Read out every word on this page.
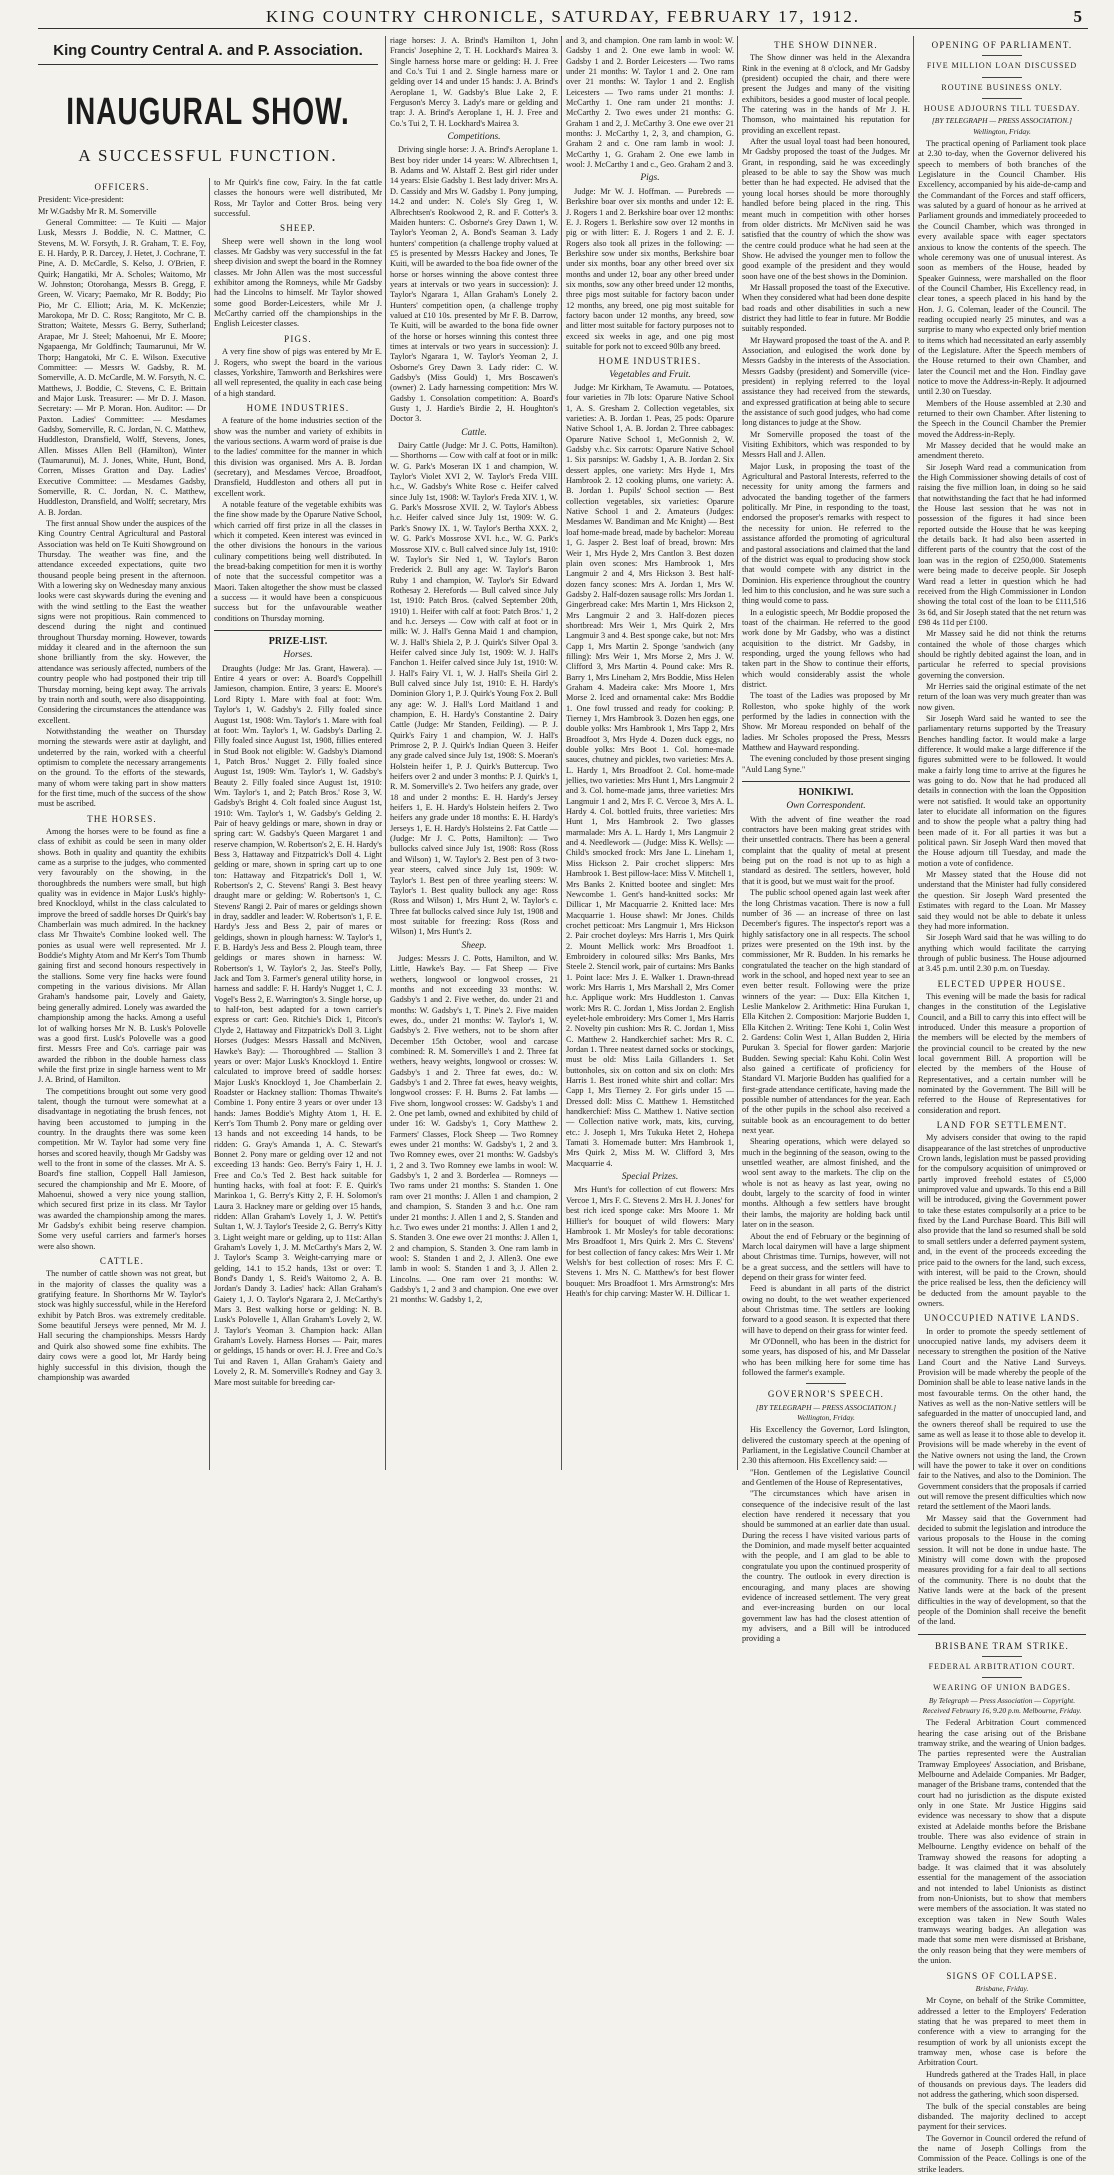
KING COUNTRY CHRONICLE, SATURDAY, FEBRUARY 17, 1912.	5
King Country Central A. and P. Association.
INAUGURAL SHOW.
A SUCCESSFUL FUNCTION.
OFFICERS.

President: Vice-president:

Mr W.Gadsby Mr R. M. Somerville

General Committee: — Te Kuiti — Major Lusk, Messrs J. Boddie, N. C. Mattner, C. Stevens, M. W. Forsyth, J. R. Graham, T. E. Foy, E. H. Hardy, P. R. Darcey, J. Hetet, J. Cochrane, T. Pine, A. D. McCardle, S. Kelso, J. O'Brien, F. Quirk; Hangatiki, Mr A. Scholes; Waitomo, Mr W. Johnston; Otorohanga, Messrs B. Gregg, F. Green, W. Vicary; Paemako, Mr R. Boddy; Pio Pio, Mr C. Elliott; Aria, M. K. McKenzie; Marokopa, Mr D. C. Ross; Rangitoto, Mr C. B. Stratton; Waitete, Messrs G. Berry, Sutherland; Arapae, Mr J. Steel; Mahoenui, Mr E. Moore; Ngapaenga, Mr Goldfinch; Taumarunui, Mr W. Thorp; Hangatoki, Mr C. E. Wilson. Executive Committee: — Messrs W. Gadsby, R. M. Somerville, A. D. McCardle, M. W. Forsyth, N. C. Matthews, J. Boddie, C. Stevens, C. E. Brittain and Major Lusk. Treasurer: — Mr D. J. Mason. Secretary: — Mr P. Moran. Hon. Auditor: — Dr Paxton. Ladies' Committee: — Mesdames Gadsby, Somerville, R. C. Jordan, N. C. Matthew, Huddleston, Dransfield, Wolff, Stevens, Jones, Allen. Misses Allen Bell (Hamilton), Winter (Taumarunui), M. J. Jones, White, Hunt, Bond, Corren, Misses Gratton and Day. Ladies' Executive Committee: — Mesdames Gadsby, Somerville, R. C. Jordan, N. C. Matthew, Huddleston, Dransfield, and Wolff; secretary, Mrs A. B. Jordan.

The first annual Show under the auspices of the King Country Central Agricultural and Pastoral Association was held on Te Kuiti Showground on Thursday. The weather was fine, and the attendance exceeded expectations, quite two thousand people being present in the afternoon. With a lowering sky on Wednesday many anxious looks were cast skywards during the evening and with the wind settling to the East the weather signs were not propitious. Rain commenced to descend during the night and continued throughout Thursday morning. However, towards midday it cleared and in the afternoon the sun shone brilliantly from the sky. However, the attendance was seriously affected, numbers of the country people who had postponed their trip till Thursday morning, being kept away. The arrivals by train north and south, were also disappointing. Considering the circumstances the attendance was excellent.

Notwithstanding the weather on Thursday morning the stewards were astir at daylight, and undeterred by the rain, worked with a cheerful optimism to complete the necessary arrangements on the ground. To the efforts of the stewards, many of whom were taking part in show matters for the first time, much of the success of the show must be ascribed.

THE HORSES.

Among the horses were to be found as fine a class of exhibit as could be seen in many older shows. Both in quality and quantity the exhibits came as a surprise to the judges, who commented very favourably on the showing, in the thoroughbreds the numbers were small, but high quality was in evidence in Major Lusk's highly-bred Knockloyd, whilst in the class calculated to improve the breed of saddle horses Dr Quirk's bay Chamberlain was much admired. In the hackney class Mr Thwaite's Combine looked well. The ponies as usual were well represented. Mr J. Boddie's Mighty Atom and Mr Kerr's Tom Thumb gaining first and second honours respectively in the stallions. Some very fine hacks were found competing in the various divisions. Mr Allan Graham's handsome pair, Lovely and Gaiety, being generally admired. Lonely was awarded the championship among the hacks. Among a useful lot of walking horses Mr N. B. Lusk's Polovelle was a good first. Lusk's Polovelle was a good first. Messrs Free and Co's. carriage pair was awarded the ribbon in the double harness class while the first prize in single harness went to Mr J. A. Brind, of Hamilton.

The competitions brought out some very good talent, though the turnout were somewhat at a disadvantage in negotiating the brush fences, not having been accustomed to jumping in the country. In the draughts there was some keen competition. Mr W. Taylor had some very fine horses and scored heavily, though Mr Gadsby was well to the front in some of the classes. Mr A. S. Board's fine stallion, Coppell Hall Jamieson, secured the championship and Mr E. Moore, of Mahoenui, showed a very nice young stallion, which secured first prize in its class. Mr Taylor was awarded the championship among the mares. Mr Gadsby's exhibit being reserve champion. Some very useful carriers and farmer's horses were also shown.

CATTLE.

The number of cattle shown was not great, but in the majority of classes the quality was a gratifying feature. In Shorthorns Mr W. Taylor's stock was highly successful, while in the Hereford exhibit by Patch Bros. was extremely creditable. Some beautiful Jerseys were penned, Mr M. J. Hall securing the championships. Messrs Hardy and Quirk also showed some fine exhibits. The dairy cows were a good lot, Mr Hardy being highly successful in this division, though the championship was awarded

to Mr Quirk's fine cow, Fairy. In the fat cattle classes the honours were well distributed, Mr Ross, Mr Taylor and Cotter Bros. being very successful.

SHEEP.

Sheep were well shown in the long wool classes. Mr Gadsby was very successful in the fat sheep division and swept the board in the Romney classes. Mr John Allen was the most successful exhibitor among the Romneys, while Mr Gadsby had the Lincolns to himself. Mr Taylor showed some good Border-Leicesters, while Mr J. McCarthy carried off the championships in the English Leicester classes.

PIGS.

A very fine show of pigs was entered by Mr E. J. Rogers, who swept the board in the various classes, Yorkshire, Tamworth and Berkshires were all well represented, the quality in each case being of a high standard.

HOME INDUSTRIES.

A feature of the home industries section of the show was the number and variety of exhibits in the various sections. A warm word of praise is due to the ladies' committee for the manner in which this division was organised. Mrs A. B. Jordan (secretary), and Mesdames Vercoe, Broadfoot, Dransfield, Huddleston and others all put in excellent work.

A notable feature of the vegetable exhibits was the fine show made by the Oparure Native School, which carried off first prize in all the classes in which it competed. Keen interest was evinced in the other divisions the honours in the various culinary competitions being well distributed. In the bread-baking competition for men it is worthy of note that the successful competitor was a Maori. Taken altogether the show must be classed a success — it would have been a conspicuous success but for the unfavourable weather conditions on Thursday morning.

PRIZE-LIST.
Horses.

Draughts (Judge: Mr Jas. Grant, Hawera). — Entire 4 years or over: A. Board's Coppelhill Jamieson, champion. Entire, 3 years: E. Moore's Lord Ripty 1. Mare with foal at foot: Wm. Taylor's 1, W. Gadsby's 2. Filly foaled since August 1st, 1908: Wm. Taylor's 1. Mare with foal at foot: Wm. Taylor's 1, W. Gadsby's Darling 2. Filly foaled since August 1st, 1908, fillies entered in Stud Book not eligible: W. Gadsby's Diamond 1, Patch Bros.' Nugget 2. Filly foaled since August 1st, 1909: Wm. Taylor's 1, W. Gadsby's Beauty 2. Filly foaled since August 1st, 1910: Wm. Taylor's 1, and 2; Patch Bros.' Rose 3, W. Gadsby's Bright 4. Colt foaled since August 1st, 1910: Wm. Taylor's 1, W. Gadsby's Gelding 2. Pair of heavy geldings or mare, shown in dray or spring cart: W. Gadsby's Queen Margaret 1 and reserve champion, W. Robertson's 2, E. H. Hardy's Bess 3, Hattaway and Fitzpatrick's Doll 4. Light gelding or mare, shown in spring cart up to one ton: Hattaway and Fitzpatrick's Doll 1, W. Robertson's 2, C. Stevens' Rangi 3. Best heavy draught mare or gelding: W. Robertson's 1, C. Stevens' Rangi 2. Pair of mares or geldings shown in dray, saddler and leader: W. Robertson's 1, F. E. Hardy's Jess and Bess 2, pair of mares or geldings, shown in plough harness: W. Taylor's 1, F. B. Hardy's Jess and Bess 2. Plough team, three geldings or mares shown in harness: W. Robertson's 1, W. Taylor's 2, Jas. Steel's Polly, Jack and Tom 3. Farmer's general utility horse, in harness and saddle: F. H. Hardy's Nugget 1, C. J. Vogel's Bess 2, E. Warrington's 3. Single horse, up to half-ton, best adapted for a town carrier's express or cart: Geo. Ritchie's Dick 1, Pitcon's Clyde 2, Hattaway and Fitzpatrick's Doll 3. Light Horses (Judges: Messrs Hassall and McNiven, Hawke's Bay): — Thoroughbred — Stallion 3 years or over: Major Lusk's Knockloyd 1. Entire calculated to improve breed of saddle horses: Major Lusk's Knockloyd 1, Joe Chamberlain 2. Roadster or Hackney stallion: Thomas Thwaite's Combine 1. Pony entire 3 years or over under 13 hands: James Boddie's Mighty Atom 1, H. E. Kerr's Tom Thumb 2. Pony mare or gelding over 13 hands and not exceeding 14 hands, to be ridden: G. Gray's Amanda 1, A. C. Stewart's Bonnet 2. Pony mare or gelding over 12 and not exceeding 13 hands: Geo. Berry's Fairy 1, H. J. Free and Co.'s Ted 2. Best hack suitable for hunting hacks, with foal at foot: F. E. Quirk's Marinkoa 1, G. Berry's Kitty 2, F. H. Solomon's Laura 3. Hackney mare or gelding over 15 hands, ridden: Allan Graham's Lovely 1, J. W. Pettit's Sultan 1, W. J. Taylor's Teeside 2, G. Berry's Kitty 3. Light weight mare or gelding, up to 11st: Allan Graham's Lovely 1, J. M. McCarthy's Mars 2, W. J. Taylor's Scamp 3. Weight-carrying mare or gelding, 14.1 to 15.2 hands, 13st or over: T. Bond's Dandy 1, S. Reid's Waitomo 2, A. B. Jordan's Dandy 3. Ladies' hack: Allan Graham's Gaiety 1, J. O. Taylor's Ngarara 2, J. McCarthy's Mars 3. Best walking horse or gelding: N. B. Lusk's Polovelle 1, Allan Graham's Lovely 2, W. J. Taylor's Yeoman 3. Champion hack: Allan Graham's Lovely. Harness Horses — Pair, mares or geldings, 15 hands or over: H. J. Free and Co.'s Tui and Raven 1, Allan Graham's Gaiety and Lovely 2, R. M. Somerville's Rodney and Gay 3. Mare most suitable for breeding car-

riage horses: J. A. Brind's Hamilton 1, John Francis' Josephine 2, T. H. Lockhard's Mairea 3. Single harness horse mare or gelding: H. J. Free and Co.'s Tui 1 and 2. Single harness mare or gelding over 14 and under 15 hands: J. A. Brind's Aeroplane 1, W. Gadsby's Blue Lake 2, F. Ferguson's Mercy 3. Lady's mare or gelding and trap: J. A. Brind's Aeroplane 1, H. J. Free and Co.'s Tui 2, T. H. Lockhard's Mairea 3.

Competitions.

Driving single horse: J. A. Brind's Aeroplane 1. Best boy rider under 14 years: W. Albrechtsen 1, B. Adams and W. Alstaff 2. Best girl rider under 14 years: Elsie Gadsby 1. Best lady driver: Mrs A. D. Cassidy and Mrs W. Gadsby 1. Pony jumping, 14.2 and under: N. Cole's Sly Greg 1, W. Albrechtsen's Rookwood 2, R. and F. Cotter's 3. Maiden hunters: C. Osborne's Grey Dawn 1, W. Taylor's Yeoman 2, A. Bond's Seaman 3. Lady hunters' competition (a challenge trophy valued at £5 is presented by Messrs Hackey and Jones, Te Kuiti, will be awarded to the boa fide owner of the horse or horses winning the above contest three years at intervals or two years in succession): J. Taylor's Ngarara 1, Allan Graham's Lonely 2. Hunters' competition open, (a challenge trophy valued at £10 10s. presented by Mr F. B. Darrow, Te Kuiti, will be awarded to the bona fide owner of the horse or horses winning this contest three times at intervals or two years in succession): J. Taylor's Ngarara 1, W. Taylor's Yeoman 2, J. Osborne's Grey Dawn 3. Lady rider: C. W. Gadsby's (Miss Gould) 1, Mrs Boscawen's (owner) 2. Lady harnessing competition: Mrs W. Gadsby 1. Consolation competition: A. Board's Gusty 1, J. Hardie's Birdie 2, H. Houghton's Doctor 3.

Cattle.

Dairy Cattle (Judge: Mr J. C. Potts, Hamilton). — Shorthorns — Cow with calf at foot or in milk: W. G. Park's Moseran IX 1 and champion, W. Taylor's Violet XVI 2, W. Taylor's Freda VIII. h.c., W. Gadsby's White Rose c. Heifer calved since July 1st, 1908: W. Taylor's Freda XIV. 1, W. G. Park's Mossrose XVII. 2, W. Taylor's Abbess h.c. Heifer calved since July 1st, 1909: W. G. Park's Snowy IX. 1, W. Taylor's Bertha XXX. 2, W. G. Park's Mossrose XVI. h.c., W. G. Park's Mossrose XIV. c. Bull calved since July 1st, 1910: W. Taylor's Sir Ned 1, W. Taylor's Baron Frederick 2. Bull any age: W. Taylor's Baron Ruby 1 and champion, W. Taylor's Sir Edward Rothesay 2. Herefords — Bull calved since July 1st, 1910: Patch Bros. (calved September 20th, 1910) 1. Heifer with calf at foot: Patch Bros.' 1, 2 and h.c. Jerseys — Cow with calf at foot or in milk: W. J. Hall's Genna Maid 1 and champion, W. J. Hall's Shiela 2, P. J. Quirk's Silver Opal 3. Heifer calved since July 1st, 1909: W. J. Hall's Fanchon 1. Heifer calved since July 1st, 1910: W. J. Hall's Fairy VI. 1, W. J. Hall's Sheila Girl 2. Bull calved since July 1st, 1910: E. H. Hardy's Dominion Glory 1, P. J. Quirk's Young Fox 2. Bull any age: W. J. Hall's Lord Maitland 1 and champion, E. H. Hardy's Constantine 2. Dairy Cattle (Judge: Mr Standen, Feilding). — P. J. Quirk's Fairy 1 and champion, W. J. Hall's Primrose 2, P. J. Quirk's Indian Queen 3. Heifer any grade calved since July 1st, 1908: S. Moeran's Holstein heifer 1, P. J. Quirk's Buttercup. Two heifers over 2 and under 3 months: P. J. Quirk's 1, R. M. Somerville's 2. Two heifers any grade, over 18 and under 2 months: E. H. Hardy's Jersey heifers 1, E. H. Hardy's Holstein heifers 2. Two heifers any grade under 18 months: E. H. Hardy's Jerseys 1, E. H. Hardy's Holsteins 2. Fat Cattle — (Judge: Mr J. C. Potts, Hamilton): — Two bullocks calved since July 1st, 1908: Ross (Ross and Wilson) 1, W. Taylor's 2. Best pen of 3 two-year steers, calved since July 1st, 1909: W. Taylor's 1. Best pen of three yearling steers: W. Taylor's 1. Best quality bullock any age: Ross (Ross and Wilson) 1, Mrs Hunt 2, W. Taylor's c. Three fat bullocks calved since July 1st, 1908 and most suitable for freezing: Ross (Ross and Wilson) 1, Mrs Hunt's 2.

Sheep.

Judges: Messrs J. C. Potts, Hamilton, and W. Little, Hawke's Bay. — Fat Sheep — Five wethers, longwool or longwool crosses, 21 months and not exceeding 33 months: W. Gadsby's 1 and 2. Five wether, do. under 21 and months: W. Gadsby's 1, T. Pine's 2. Five maiden ewes, do., under 21 months: W. Taylor's 1, W. Gadsby's 2. Five wethers, not to be shorn after December 15th October, wool and carcase combined: R. M. Somerville's 1 and 2. Three fat wethers, heavy weights, longwool or crosses: W. Gadsby's 1 and 2. Three fat ewes, do.: W. Gadsby's 1 and 2. Three fat ewes, heavy weights, longwool crosses: F. H. Burns 2. Fat lambs — Five shorn, longwool crosses: W. Gadsby's 1 and 2. One pet lamb, owned and exhibited by child of under 16: W. Gadsby's 1, Cory Matthew 2. Farmers' Classes, Flock Sheep — Two Romney ewes under 21 months: W. Gadsby's 1, 2 and 3. Two Romney ewes, over 21 months: W. Gadsby's 1, 2 and 3. Two Romney ewe lambs in wool: W. Gadsby's 1, 2 and 3. Borderlea — Romneys — Two rams under 21 months: S. Standen 1. One ram over 21 months: J. Allen 1 and champion, 2 and champion, S. Standen 3 and h.c. One ram under 21 months: J. Allen 1 and 2, S. Standen and h.c. Two ewes under 21 months: J. Allen 1 and 2, S. Standen 3. One ewe over 21 months: J. Allen 1, 2 and champion, S. Standen 3. One ram lamb in wool: S. Standen 1 and 2, J. Allen3. One ewe lamb in wool: S. Standen 1 and 3, J. Allen 2. Lincolns. — One ram over 21 months: W. Gadsby's 1, 2 and 3 and champion. One ewe over 21 months: W. Gadsby 1, 2,

and 3, and champion. One ram lamb in wool: W. Gadsby 1 and 2. One ewe lamb in wool: W. Gadsby 1 and 2. Border Leicesters — Two rams under 21 months: W. Taylor 1 and 2. One ram over 21 months: W. Taylor 1 and 2. English Leicesters — Two rams under 21 months: J. McCarthy 1. One ram under 21 months: J. McCarthy 2. Two ewes under 21 months: G. Graham 1 and 2, J. McCarthy 3. One ewe over 21 months: J. McCarthy 1, 2, 3, and champion, G. Graham 2 and c. One ram lamb in wool: J. McCarthy 1, G. Graham 2. One ewe lamb in wool: J. McCarthy 1 and c., Geo. Graham 2 and 3.

Pigs.

Judge: Mr W. J. Hoffman. — Purebreds — Berkshire boar over six months and under 12: E. J. Rogers 1 and 2. Berkshire boar over 12 months: E. J. Rogers 1. Berkshire sow over 12 months in pig or with litter: E. J. Rogers 1 and 2. E. J. Rogers also took all prizes in the following: — Berkshire sow under six months, Berkshire boar under six months, boar any other breed over six months and under 12, boar any other breed under six months, sow any other breed under 12 months, three pigs most suitable for factory bacon under 12 months, any breed, one pig most suitable for factory bacon under 12 months, any breed, sow and litter most suitable for factory purposes not to exceed six weeks in age, and one pig most suitable for pork not to exceed 90lb any breed.

HOME INDUSTRIES.
Vegetables and Fruit.

Judge: Mr Kirkham, Te Awamutu. — Potatoes, four varieties in 7lb lots: Oparure Native School 1, A. S. Gresham 2. Collection vegetables, six varieties: A. B. Jordan 1. Peas, 25 pods: Oparure Native School 1, A. B. Jordan 2. Three cabbages: Oparure Native School 1, McGonnish 2, W. Gadsby v.h.c. Six carrots: Oparure Native School 1. Six parsnips: W. Gadsby 1, A. B. Jordan 2. Six dessert apples, one variety: Mrs Hyde 1, Mrs Hambrook 2. 12 cooking plums, one variety: A. B. Jordan 1. Pupils' School section — Best collection vegetables, six varieties: Oparure Native School 1 and 2. Amateurs (Judges: Mesdames W. Bandiman and Mc Knight) — Best loaf home-made bread, made by bachelor: Moreau 1, G. Jasper 2. Best loaf of bread, brown: Mrs Weir 1, Mrs Hyde 2, Mrs Cantlon 3. Best dozen plain oven scones: Mrs Hambrook 1, Mrs Langmuir 2 and 4, Mrs Hickson 3. Best half-dozen fancy scones: Mrs A. Jordan 1, Mrs W. Gadsby 2. Half-dozen sausage rolls: Mrs Jordan 1. Gingerbread cake: Mrs Martin 1, Mrs Hickson 2, Mrs Langmuir 2 and 3. Half-dozen pieces shortbread: Mrs Weir 1, Mrs Quirk 2, Mrs Langmuir 3 and 4. Best sponge cake, but not: Mrs Capp 1, Mrs Martin 2. Sponge 'sandwich (any filling): Mrs Weir 1, Mrs Morse 2, Mrs J. W. Clifford 3, Mrs Martin 4. Pound cake: Mrs R. Barry 1, Mrs Lineham 2, Mrs Boddie, Miss Helen Graham 4. Madeira cake: Mrs Moore 1, Mrs Morse 2. Iced and ornamental cake: Mrs Boddie 1. One fowl trussed and ready for cooking: P. Tierney 1, Mrs Hambrook 3. Dozen hen eggs, one double yolks: Mrs Hambrook 1, Mrs Tapp 2, Mrs Broadfoot 3, Mrs Hyde 4. Dozen duck eggs, no double yolks: Mrs Boot 1. Col. home-made sauces, chutney and pickles, two varieties: Mrs A. L. Hardy 1, Mrs Broadfoot 2. Col. home-made jellies, two varieties: Mrs Hunt 1, Mrs Langmuir 2 and 3. Col. home-made jams, three varieties: Mrs Langmuir 1 and 2, Mrs F. C. Vercoe 3, Mrs A. L. Hardy 4. Col. bottled fruits, three varieties: Mrs Hunt 1, Mrs Hambrook 2. Two glasses marmalade: Mrs A. L. Hardy 1, Mrs Langmuir 2 and 4. Needlework — (Judge: Miss K. Wells): — Child's smocked frock: Mrs Jane L. Lineham 1, Miss Hickson 2. Pair crochet slippers: Mrs Hambrook 1. Best pillow-lace: Miss V. Mitchell 1, Mrs Banks 2. Knitted bootee and singlet: Mrs Newcombe 1. Gent's hand-knitted socks: Mr Dillicar 1, Mr Macquarrie 2. Knitted lace: Mrs Macquarrie 1. House shawl: Mr Jones. Childs crochet petticoat: Mrs Langmuir 1, Mrs Hickson 2. Pair crochet doyleys: Mrs Harris 1, Mrs Quirk 2. Mount Mellick work: Mrs Broadfoot 1. Embroidery in coloured silks: Mrs Banks, Mrs Steele 2. Stencil work, pair of curtains: Mrs Banks 1. Point lace: Mrs J. E. Walker 1. Drawn-thread work: Mrs Harris 1, Mrs Marshall 2, Mrs Comer h.c. Applique work: Mrs Huddleston 1. Canvas work: Mrs R. C. Jordan 1, Miss Jordan 2. English eyelet-hole embroidery: Mrs Comer 1, Mrs Harris 2. Novelty pin cushion: Mrs R. C. Jordan 1, Miss C. Matthew 2. Handkerchief sachet: Mrs R. C. Jordan 1. Three neatest darned socks or stockings, must be old: Miss Laila Gillanders 1. Set buttonholes, six on cotton and six on cloth: Mrs Harris 1. Best ironed white shirt and collar: Mrs Capp 1, Mrs Tierney 2. For girls under 15 — Dressed doll: Miss C. Matthew 1. Hemstitched handkerchief: Miss C. Matthew 1. Native section — Collection native work, mats, kits, curving, etc.: J. Joseph 1, Mrs Tukuka Hetet 2, Hohepa Tamati 3. Homemade butter: Mrs Hambrook 1, Mrs Quirk 2, Miss M. W. Clifford 3, Mrs Macquarrie 4.

Special Prizes.

Mrs Hunt's for collection of cut flowers: Mrs Vercoe 1, Mrs F. C. Stevens 2. Mrs H. J. Jones' for best rich iced sponge cake: Mrs Moore 1. Mr Hillier's for bouquet of wild flowers: Mary Hambrook 1. Mr Mosley's for table decorations: Mrs Broadfoot 1, Mrs Quirk 2. Mrs C. Stevens' for best collection of fancy cakes: Mrs Weir 1. Mr Welsh's for best collection of roses: Mrs F. C. Stevens 1. Mrs N. C. Matthew's for best flower bouquet: Mrs Broadfoot 1. Mrs Armstrong's: Mrs Heath's for chip carving: Master W. H. Dillicar 1.

THE SHOW DINNER.

The Show dinner was held in the Alexandra Rink in the evening at 8 o'clock, and Mr Gadsby (president) occupied the chair, and there were present the Judges and many of the visiting exhibitors, besides a good muster of local people. The catering was in the hands of Mr J. H. Thomson, who maintained his reputation for providing an excellent repast.

After the usual loyal toast had been honoured, Mr Gadsby proposed the toast of the Judges. Mr Grant, in responding, said he was exceedingly pleased to be able to say the Show was much better than he had expected. He advised that the young local horses should be more thoroughly handled before being placed in the ring. This meant much in competition with other horses from older districts. Mr McNiven said he was satisfied that the country of which the show was the centre could produce what he had seen at the Show. He advised the younger men to follow the good example of the president and they would soon have one of the best shows in the Dominion.

Mr Hassall proposed the toast of the Executive. When they considered what had been done despite bad roads and other disabilities in such a new district they had little to fear in future. Mr Boddie suitably responded.

Mr Hayward proposed the toast of the A. and P. Association, and eulogised the work done by Messrs Gadsby in the interests of the Association. Messrs Gadsby (president) and Somerville (vice-president) in replying referred to the loyal assistance they had received from the stewards, and expressed gratification at being able to secure the assistance of such good judges, who had come long distances to judge at the Show.

Mr Somerville proposed the toast of the Visiting Exhibitors, which was responded to by Messrs Hall and J. Allen.

Major Lusk, in proposing the toast of the Agricultural and Pastoral Interests, referred to the necessity for unity among the farmers and advocated the banding together of the farmers politically. Mr Pine, in responding to the toast, endorsed the proposer's remarks with respect to the necessity for union. He referred to the assistance afforded the promoting of agricultural and pastoral associations and claimed that the land of the district was equal to producing show stock that would compete with any district in the Dominion. His experience throughout the country led him to this conclusion, and he was sure such a thing would come to pass.

In a eulogistic speech, Mr Boddie proposed the toast of the chairman. He referred to the good work done by Mr Gadsby, who was a distinct acquisition to the district. Mr Gadsby, in responding, urged the young fellows who had taken part in the Show to continue their efforts, which would considerably assist the whole district.

The toast of the Ladies was proposed by Mr Rolleston, who spoke highly of the work performed by the ladies in connection with the Show. Mr Moreau responded on behalf of the ladies. Mr Scholes proposed the Press, Messrs Matthew and Hayward responding.

The evening concluded by those present singing "Auld Lang Syne."

HONIKIWI.
Own Correspondent.

With the advent of fine weather the road contractors have been making great strides with their unsettled contracts. There has been a general complaint that the quality of metal at present being put on the road is not up to as high a standard as desired. The settlers, however, hold that it is good, but we must wait for the proof.

The public school opened again last week after the long Christmas vacation. There is now a full number of 36 — an increase of three on last December's figures. The inspector's report was a highly satisfactory one in all respects. The school prizes were presented on the 19th inst. by the commissioner, Mr R. Budden. In his remarks he congratulated the teacher on the high standard of work in the school, and hoped next year to see an even better result. Following were the prize winners of the year: — Dux: Ella Kitchen 1, Leslie Mankelow 2. Arithmetic: Hina Furukan 1, Ella Kitchen 2. Composition: Marjorie Budden 1, Ella Kitchen 2. Writing: Tene Kohi 1, Colin West 2. Gardens: Colin West 1, Allan Budden 2, Hiria Purukan 3. Special for flower garden: Marjorie Budden. Sewing special: Kahu Kohi. Colin West also gained a certificate of proficiency for Standard VI. Marjorie Budden has qualified for a first-grade attendance certificate, having made the possible number of attendances for the year. Each of the other pupils in the school also received a suitable book as an encouragement to do better next year.

Shearing operations, which were delayed so much in the beginning of the season, owing to the unsettled weather, are almost finished, and the wool sent away to the markets. The clip on the whole is not as heavy as last year, owing no doubt, largely to the scarcity of food in winter months. Although a few settlers have brought their lambs, the majority are holding back until later on in the season.

About the end of February or the beginning of March local dairymen will have a large shipment about Christmas time. Turnips, however, will not be a great success, and the settlers will have to depend on their grass for winter feed.

Feed is abundant in all parts of the district owing no doubt, to the wet weather experienced about Christmas time. The settlers are looking forward to a good season. It is expected that there will have to depend on their grass for winter feed.

Mr O'Donnell, who has been in the district for some years, has disposed of his, and Mr Dasselar who has been milking here for some time has followed the farmer's example.

GOVERNOR'S SPEECH.
[BY TELEGRAPH — PRESS ASSOCIATION.] Wellington, Friday.

His Excellency the Governor, Lord Islington, delivered the customary speech at the opening of Parliament, in the Legislative Council Chamber at 2.30 this afternoon. His Excellency said: —

"Hon. Gentlemen of the Legislative Council and Gentlemen of the House of Representatives,

"The circumstances which have arisen in consequence of the indecisive result of the last election have rendered it necessary that you should be summoned at an earlier date than usual. During the recess I have visited various parts of the Dominion, and made myself better acquainted with the people, and I am glad to be able to congratulate you upon the continued prosperity of the country. The outlook in every direction is encouraging, and many places are showing evidence of increased settlement. The very great and ever-increasing burden on our local government law has had the closest attention of my advisers, and a Bill will be introduced providing a

OPENING OF PARLIAMENT.
FIVE MILLION LOAN DISCUSSED
ROUTINE BUSINESS ONLY.
HOUSE ADJOURNS TILL TUESDAY.
[BY TELEGRAPH — PRESS ASSOCIATION.] Wellington, Friday.

The practical opening of Parliament took place at 2.30 to-day, when the Governor delivered his speech to members of both branches of the Legislature in the Council Chamber. His Excellency, accompanied by his aide-de-camp and the Commandant of the Forces and staff officers, was saluted by a guard of honour as he arrived at Parliament grounds and immediately proceeded to the Council Chamber, which was thronged in every available space with eager spectators anxious to know the contents of the speech. The whole ceremony was one of unusual interest. As soon as members of the House, headed by Speaker Guinness, were marshalled on the floor of the Council Chamber, His Excellency read, in clear tones, a speech placed in his hand by the Hon. J. G. Coleman, leader of the Council. The reading occupied nearly 25 minutes, and was a surprise to many who expected only brief mention to items which had necessitated an early assembly of the Legislature. After the Speech members of the House returned to their own Chamber, and later the Council met and the Hon. Findlay gave notice to move the Address-in-Reply. It adjourned until 2.30 on Tuesday.

Members of the House assembled at 2.30 and returned to their own Chamber. After listening to the Speech in the Council Chamber the Premier moved the Address-in-Reply.

Mr Massey decided that he would make an amendment thereto.

Sir Joseph Ward read a communication from the High Commissioner showing details of cost of raising the five million loan, in doing so he said that notwithstanding the fact that he had informed the House last session that he was not in possession of the figures it had since been reported outside the House that he was keeping the details back. It had also been asserted in different parts of the country that the cost of the loan was in the region of £250,000. Statements were being made to deceive people. Sir Joseph Ward read a letter in question which he had received from the High Commissioner in London showing the total cost of the loan to be £111,516 3s 6d, and Sir Joseph stated that the net return was £98 4s 11d per £100.

Mr Massey said he did not think the returns contained the whole of those charges which should be rightly debited against the loan, and in particular he referred to special provisions governing the conversion.

Mr Herries said the original estimate of the net return of the loan was very much greater than was now given.

Sir Joseph Ward said he wanted to see the parliamentary returns supported by the Treasury Benches handling factor. It would make a large difference. It would make a large difference if the figures submitted were to be followed. It would make a fairly long time to arrive at the figures he was going to do. Now that he had produced all details in connection with the loan the Opposition were not satisfied. It would take an opportunity later to elucidate all information on the figures and to show the people what a paltry thing had been made of it. For all parties it was but a political pawn. Sir Joseph Ward then moved that the House adjourn till Tuesday, and made the motion a vote of confidence.

Mr Massey stated that the House did not understand that the Minister had fully considered the question. Sir Joseph Ward presented the Estimates with regard to the Loan. Mr Massey said they would not be able to debate it unless they had more information.

Sir Joseph Ward said that he was willing to do anything which would facilitate the carrying through of public business. The House adjourned at 3.45 p.m. until 2.30 p.m. on Tuesday.

ELECTED UPPER HOUSE.

This evening will be made the basis for radical changes in the constitution of the Legislative Council, and a Bill to carry this into effect will be introduced. Under this measure a proportion of the members will be elected by the members of the provincial council to be created by the new local government Bill. A proportion will be elected by the members of the House of Representatives, and a certain number will be nominated by the Government. The Bill will be referred to the House of Representatives for consideration and report.

LAND FOR SETTLEMENT.

My advisers consider that owing to the rapid disappearance of the last stretches of unproductive Crown lands, legislation must be passed providing for the compulsory acquisition of unimproved or partly improved freehold estates of £5,000 unimproved value and upwards. To this end a Bill will be introduced, giving the Government power to take these estates compulsorily at a price to be fixed by the Land Purchase Board. This Bill will also provide that the land so resumed shall be sold to small settlers under a deferred payment system, and, in the event of the proceeds exceeding the price paid to the owners for the land, such excess, with interest, will be paid to the Crown, should the price realised be less, then the deficiency will be deducted from the amount payable to the owners.

UNOCCUPIED NATIVE LANDS.

In order to promote the speedy settlement of unoccupied native lands, my advisers deem it necessary to strengthen the position of the Native Land Court and the Native Land Surveys. Provision will be made whereby the people of the Dominion shall be able to lease native lands in the most favourable terms. On the other hand, the Natives as well as the non-Native settlers will be safeguarded in the matter of unoccupied land, and the owners thereof shall be required to use the same as well as lease it to those able to develop it. Provisions will be made whereby in the event of the Native owners not using the land, the Crown will have the power to take it over on conditions fair to the Natives, and also to the Dominion. The Government considers that the proposals if carried out will remove the present difficulties which now retard the settlement of the Maori lands.

Mr Massey said that the Government had decided to submit the legislation and introduce the various proposals to the House in the coming session. It will not be done in undue haste. The Ministry will come down with the proposed measures providing for a fair deal to all sections of the community. There is no doubt that the Native lands were at the back of the present difficulties in the way of development, so that the people of the Dominion shall receive the benefit of the land.

BRISBANE TRAM STRIKE.
FEDERAL ARBITRATION COURT.
WEARING OF UNION BADGES.
By Telegraph — Press Association — Copyright. Received February 16, 9.20 p.m. Melbourne, Friday.

The Federal Arbitration Court commenced hearing the case arising out of the Brisbane tramway strike, and the wearing of Union badges. The parties represented were the Australian Tramway Employees' Association, and Brisbane, Melbourne and Adelaide Companies. Mr Badger, manager of the Brisbane trams, contended that the court had no jurisdiction as the dispute existed only in one State. Mr Justice Higgins said evidence was necessary to show that a dispute existed at Adelaide months before the Brisbane trouble. There was also evidence of strain in Melbourne. Lengthy evidence on behalf of the Tramway showed the reasons for adopting a badge. It was claimed that it was absolutely essential for the management of the association and not intended to label Unionists as distinct from non-Unionists, but to show that members were members of the association. It was stated no exception was taken in New South Wales tramways wearing badges. An allegation was made that some men were dismissed at Brisbane, the only reason being that they were members of the union.

SIGNS OF COLLAPSE.
Brisbane, Friday.

Mr Coyne, on behalf of the Strike Committee, addressed a letter to the Employers' Federation stating that he was prepared to meet them in conference with a view to arranging for the resumption of work by all unionists except the tramway men, whose case is before the Arbitration Court.

Hundreds gathered at the Trades Hall, in place of thousands on previous days. The leaders did not address the gathering, which soon dispersed.

The bulk of the special constables are being disbanded. The majority declined to accept payment for their services.

The Governor in Council ordered the refund of the name of Joseph Collings from the Commission of the Peace. Collings is one of the strike leaders.
